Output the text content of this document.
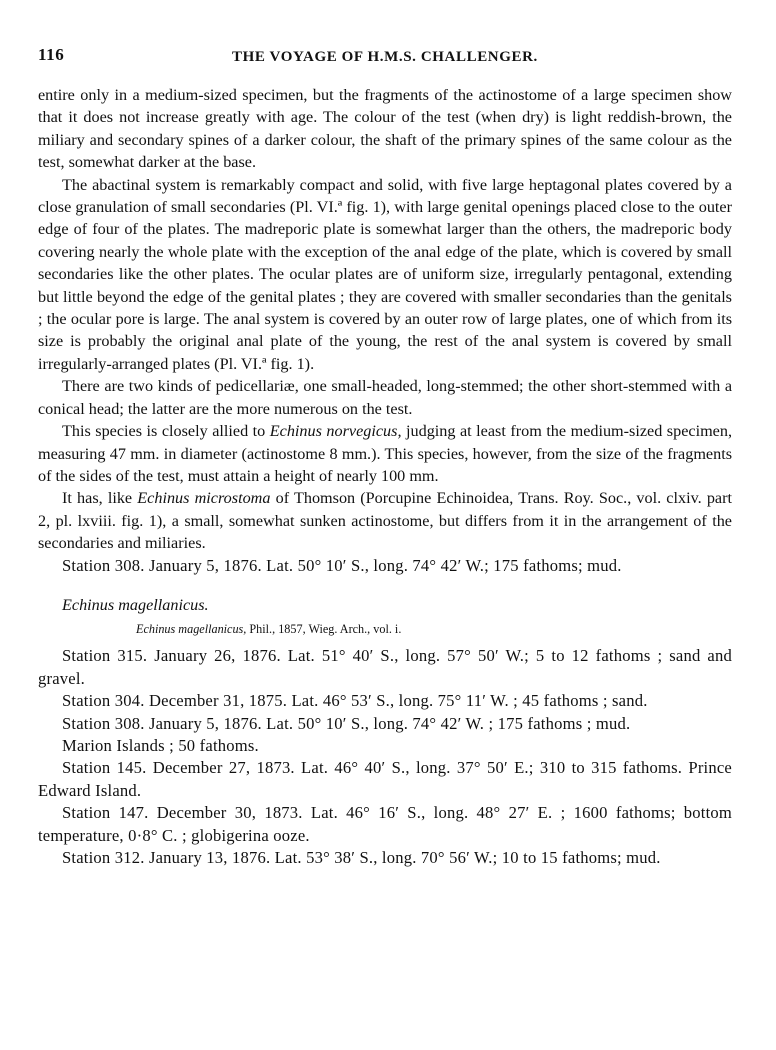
116	THE VOYAGE OF H.M.S. CHALLENGER.

entire only in a medium-sized specimen, but the fragments of the actinostome of a large specimen show that it does not increase greatly with age. The colour of the test (when dry) is light reddish-brown, the miliary and secondary spines of a darker colour, the shaft of the primary spines of the same colour as the test, somewhat darker at the base.

The abactinal system is remarkably compact and solid, with five large heptagonal plates covered by a close granulation of small secondaries (Pl. VI.ª fig. 1), with large genital openings placed close to the outer edge of four of the plates. The madreporic plate is somewhat larger than the others, the madreporic body covering nearly the whole plate with the exception of the anal edge of the plate, which is covered by small secondaries like the other plates. The ocular plates are of uniform size, irregularly pentagonal, extending but little beyond the edge of the genital plates ; they are covered with smaller secondaries than the genitals ; the ocular pore is large. The anal system is covered by an outer row of large plates, one of which from its size is probably the original anal plate of the young, the rest of the anal system is covered by small irregularly-arranged plates (Pl. VI.ª fig. 1).

There are two kinds of pedicellariæ, one small-headed, long-stemmed; the other short-stemmed with a conical head; the latter are the more numerous on the test.

This species is closely allied to Echinus norvegicus, judging at least from the medium-sized specimen, measuring 47 mm. in diameter (actinostome 8 mm.). This species, however, from the size of the fragments of the sides of the test, must attain a height of nearly 100 mm.

It has, like Echinus microstoma of Thomson (Porcupine Echinoidea, Trans. Roy. Soc., vol. clxiv. part 2, pl. lxviii. fig. 1), a small, somewhat sunken actinostome, but differs from it in the arrangement of the secondaries and miliaries.

Station 308. January 5, 1876. Lat. 50° 10′ S., long. 74° 42′ W.; 175 fathoms; mud.

Echinus magellanicus.
Echinus magellanicus, Phil., 1857, Wieg. Arch., vol. i.

Station 315. January 26, 1876. Lat. 51° 40′ S., long. 57° 50′ W.; 5 to 12 fathoms ; sand and gravel.

Station 304. December 31, 1875. Lat. 46° 53′ S., long. 75° 11′ W. ; 45 fathoms ; sand.

Station 308. January 5, 1876. Lat. 50° 10′ S., long. 74° 42′ W. ; 175 fathoms ; mud.

Marion Islands ; 50 fathoms.

Station 145. December 27, 1873. Lat. 46° 40′ S., long. 37° 50′ E.; 310 to 315 fathoms. Prince Edward Island.

Station 147. December 30, 1873. Lat. 46° 16′ S., long. 48° 27′ E. ; 1600 fathoms; bottom temperature, 0·8° C. ; globigerina ooze.

Station 312. January 13, 1876. Lat. 53° 38′ S., long. 70° 56′ W.; 10 to 15 fathoms; mud.
